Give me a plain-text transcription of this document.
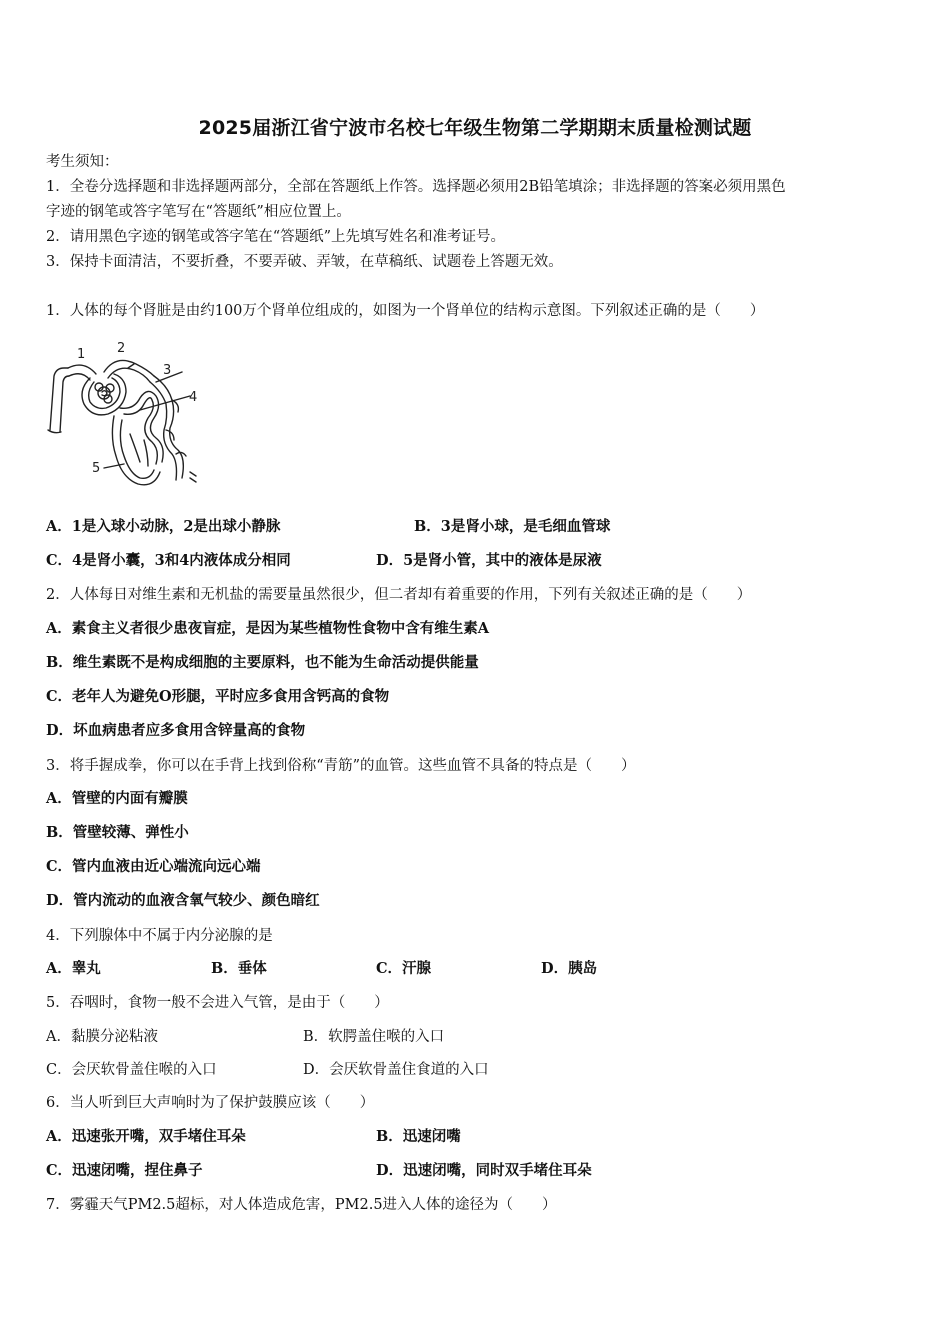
2025届浙江省宁波市名校七年级生物第二学期期末质量检测试题
考生须知：
1．全卷分选择题和非选择题两部分，全部在答题纸上作答。选择题必须用2B铅笔填涂；非选择题的答案必须用黑色
字迹的钢笔或答字笔写在“答题纸”相应位置上。
2．请用黑色字迹的钢笔或答字笔在“答题纸”上先填写姓名和准考证号。
3．保持卡面清洁，不要折叠，不要弄破、弄皱，在草稿纸、试题卷上答题无效。
1．人体的每个肾脏是由约100万个肾单位组成的，如图为一个肾单位的结构示意图。下列叙述正确的是（　　）
1 2
3
4
5
A．1是入球小动脉，2是出球小静脉	B．3是肾小球，是毛细血管球
C．4是肾小囊，3和4内液体成分相同	D．5是肾小管，其中的液体是尿液
2．人体每日对维生素和无机盐的需要量虽然很少，但二者却有着重要的作用，下列有关叙述正确的是（　　）
A．素食主义者很少患夜盲症，是因为某些植物性食物中含有维生素A
B．维生素既不是构成细胞的主要原料，也不能为生命活动提供能量
C．老年人为避免O形腿，平时应多食用含钙高的食物
D．坏血病患者应多食用含锌量高的食物
3．将手握成拳，你可以在手背上找到俗称“青筋”的血管。这些血管不具备的特点是（　　）
A．管壁的内面有瓣膜
B．管壁较薄、弹性小
C．管内血液由近心端流向远心端
D．管内流动的血液含氧气较少、颜色暗红
4．下列腺体中不属于内分泌腺的是
A．睾丸	B．垂体	C．汗腺	D．胰岛
5．吞咽时，食物一般不会进入气管，是由于（　　）
A．黏膜分泌粘液	B．软腭盖住喉的入口
C．会厌软骨盖住喉的入口	D．会厌软骨盖住食道的入口
6．当人听到巨大声响时为了保护鼓膜应该（　　）
A．迅速张开嘴，双手堵住耳朵	B．迅速闭嘴
C．迅速闭嘴，捏住鼻子	D．迅速闭嘴，同时双手堵住耳朵
7．雾霾天气PM2.5超标，对人体造成危害，PM2.5进入人体的途径为（　　）
